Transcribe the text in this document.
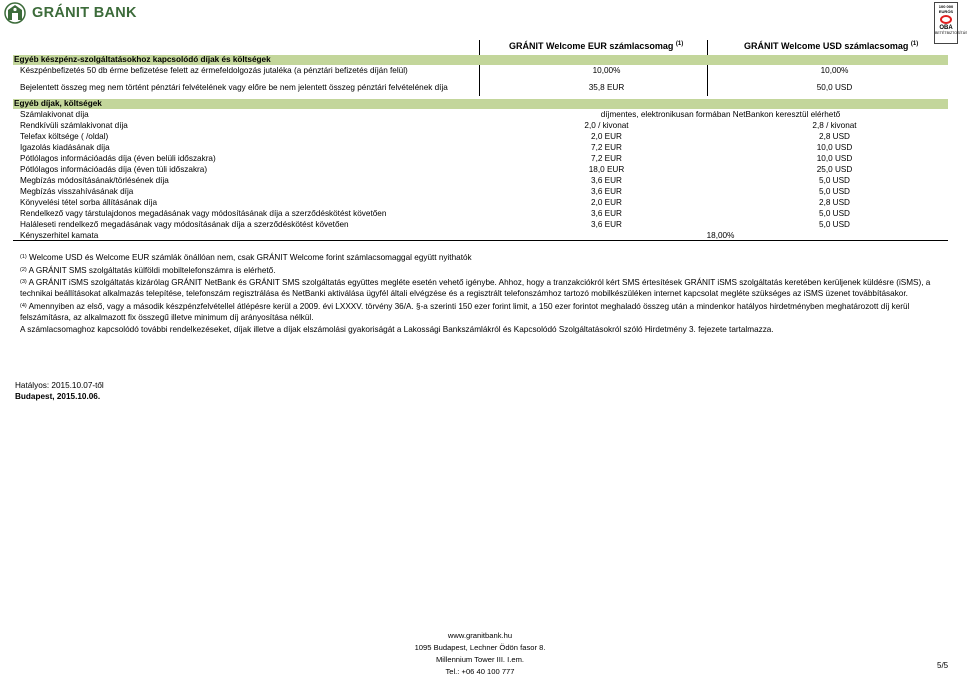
GRÁNIT BANK	100 000
EURÓS
OBA
BETÉTBIZTOSÍTÁS
GRÁNIT Welcome EUR számlacsomag $^{(1)}$	GRÁNIT Welcome USD számlacsomag $^{(1)}$
Egyéb készpénz-szolgáltatásokhoz kapcsolódó díjak és költségek
Készpénbefizetés 50 db érme befizetése felett az érmefeldolgozás jutaléka (a pénztári befizetés díján felül)	10,00%	10,00%
Bejelentett összeg meg nem történt pénztári felvételének vagy előre be nem jelentett összeg pénztári felvételének díja	35,8 EUR	50,0 USD
Egyéb díjak, költségek
Számlakivonat díja	díjmentes, elektronikusan formában NetBankon keresztül elérhető
Rendkívüli számlakivonat díja	2,0 / kivonat	2,8 / kivonat
Telefax költsége ( /oldal)	2,0 EUR	2,8 USD
Igazolás kiadásának díja	7,2 EUR	10,0 USD
Pótlólagos információadás díja (éven belüli időszakra)	7,2 EUR	10,0 USD
Pótlólagos információadás díja (éven túli időszakra)	18,0 EUR	25,0 USD
Megbízás módosításának/törlésének díja	3,6 EUR	5,0 USD
Megbízás visszahívásának díja	3,6 EUR	5,0 USD
Könyvelési tétel sorba állításának díja	2,0 EUR	2,8 USD
Rendelkező vagy társtulajdonos megadásának vagy módosításának díja a szerződéskötést követően	3,6 EUR	5,0 USD
Haláleseti rendelkező megadásának vagy módosításának díja a szerződéskötést követően	3,6 EUR	5,0 USD
Kényszerhitel kamata	18,00%

$^{(1)}$ Welcome USD és Welcome EUR számlák önállóan nem, csak GRÁNIT Welcome forint számlacsomaggal együtt nyithatók

$^{(2)}$ A GRÁNIT SMS szolgáltatás külföldi mobiltelefonszámra is elérhető.

$^{(3)}$ A GRÁNIT iSMS szolgáltatás kizárólag GRÁNIT NetBank és GRÁNIT SMS szolgáltatás együttes megléte esetén vehető igénybe. Ahhoz, hogy a tranzakciókról kért SMS értesítések GRÁNIT iSMS szolgáltatás keretében kerüljenek küldésre (iSMS), a technikai beállításokat alkalmazás telepítése, telefonszám regisztrálása és NetBanki aktiválása ügyfél általi elvégzése és a regisztrált telefonszámhoz tartozó mobilkészüléken internet kapcsolat megléte szükséges az iSMS üzenet továbbításakor.

$^{(4)}$ Amennyiben az első, vagy a második készpénzfelvétellel átlépésre kerül a 2009. évi LXXXV. törvény 36/A. §-a szerinti 150 ezer forint limit, a 150 ezer forintot meghaladó összeg után a mindenkor hatályos hirdetményben meghatározott díj kerül felszámításra, az alkalmazott fix összegű illetve minimum díj arányosítása nélkül.

A számlacsomaghoz kapcsolódó további rendelkezéseket, díjak illetve a díjak elszámolási gyakoriságát a Lakossági Bankszámlákról és Kapcsolódó Szolgáltatásokról szóló Hirdetmény 3. fejezete tartalmazza.

Hatályos: 2015.10.07-től
Budapest, 2015.10.06.
www.granitbank.hu
1095 Budapest, Lechner Ödön fasor 8.
Millennium Tower III. I.em.
Tel.: +06 40 100 777
5/5
